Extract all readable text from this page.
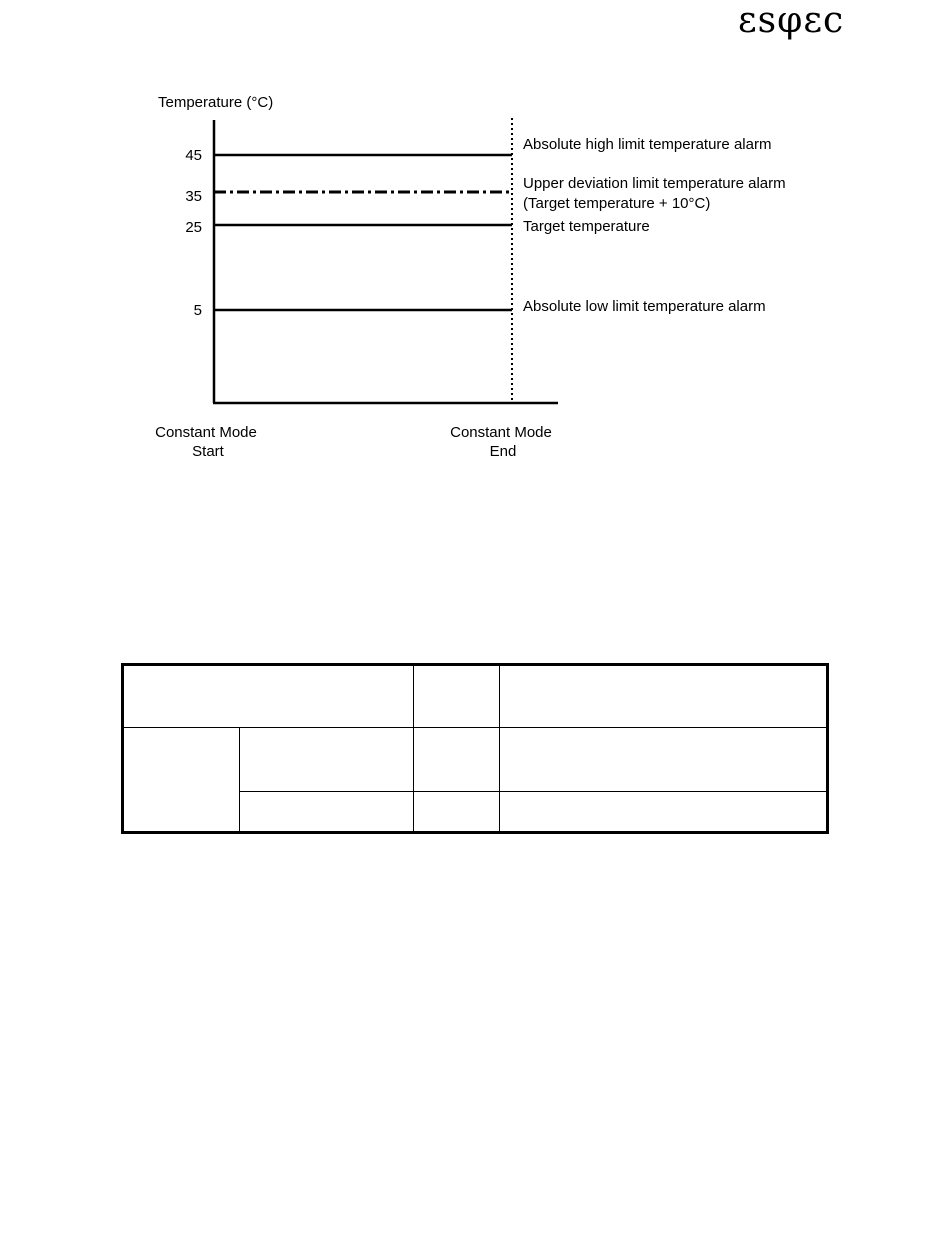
εsφεc
Temperature (°C)
45
35
25
5
Absolute high limit temperature alarm
Upper deviation limit temperature alarm
(Target temperature + 10°C)
Target temperature
Absolute low limit temperature alarm
Constant Mode
Start
Constant Mode
End
